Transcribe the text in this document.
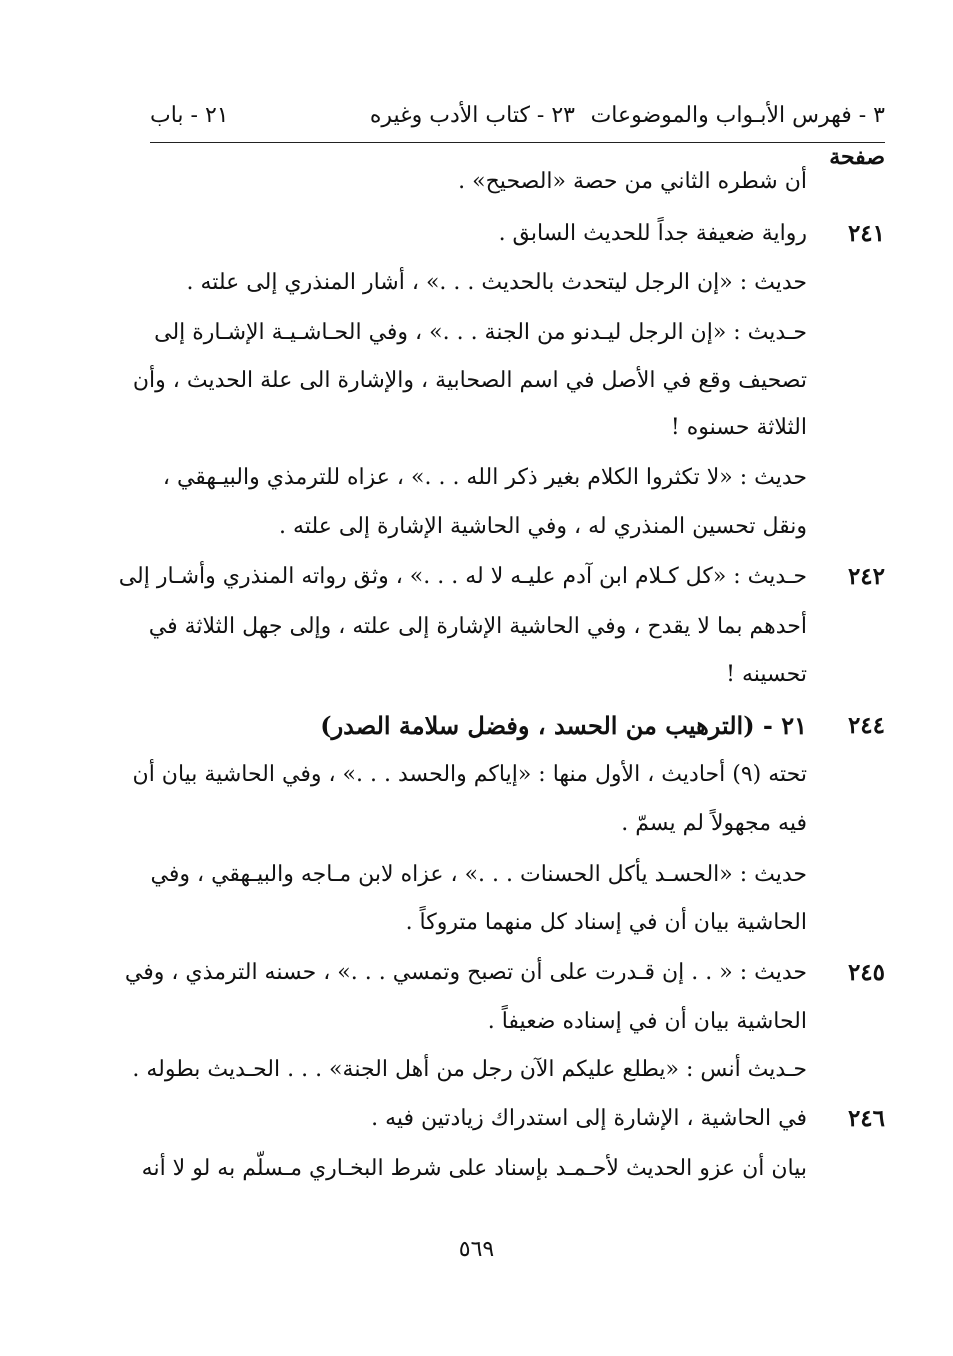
٣ - فهرس الأبـواب والموضوعات
٢٣ - كتاب الأدب وغيره
٢١ - باب
صفحة
أن شطره الثاني من حصة «الصحيح» .
٢٤١
رواية ضعيفة جداً للحديث السابق .
حديث : «إن الرجل ليتحدث بالحديث . . .» ، أشار المنذري إلى علته .
حـديث : «إن الرجل ليـدنو من الجنة . . .» ، وفي الحـاشـيـة الإشـارة إلى
تصحيف وقع في الأصل في اسم الصحابية ، والإشارة الى علة الحديث ، وأن
الثلاثة حسنوه !
حديث : «لا تكثروا الكلام بغير ذكر الله . . .» ، عزاه للترمذي والبيـهقي ،
ونقل تحسين المنذري له ، وفي الحاشية الإشارة إلى علته .
٢٤٢
حـديث : «كل كـلام ابن آدم عليـه لا له . . .» ، وثق رواته المنذري وأشـار إلى
أحدهم بما لا يقدح ، وفي الحاشية الإشارة إلى علته ، وإلى جهل الثلاثة في
تحسينه !
٢٤٤
٢١ - (الترهيب من الحسد ، وفضل سلامة الصدر)
تحته (٩) أحاديث ، الأول منها : «إياكم والحسد . . .» ، وفي الحاشية بيان أن
فيه مجهولاً لم يسمّ .
حديث : «الحسـد يأكل الحسنات . . .» ، عزاه لابن مـاجه والبيـهقي ، وفي
الحاشية بيان أن في إسناد كل منهما متروكاً .
٢٤٥
حديث : « . . إن قـدرت على أن تصبح وتمسي . . .» ، حسنه الترمذي ، وفي
الحاشية بيان أن في إسناده ضعيفاً .
حـديث أنس : «يطلع عليكم الآن رجل من أهل الجنة» . . . الحـديث بطوله .
٢٤٦
في الحاشية ، الإشارة إلى استدراك زيادتين فيه .
بيان أن عزو الحديث لأحـمـد بإسناد على شرط البخـاري مـسلّم به لو لا أنه
٥٦٩
